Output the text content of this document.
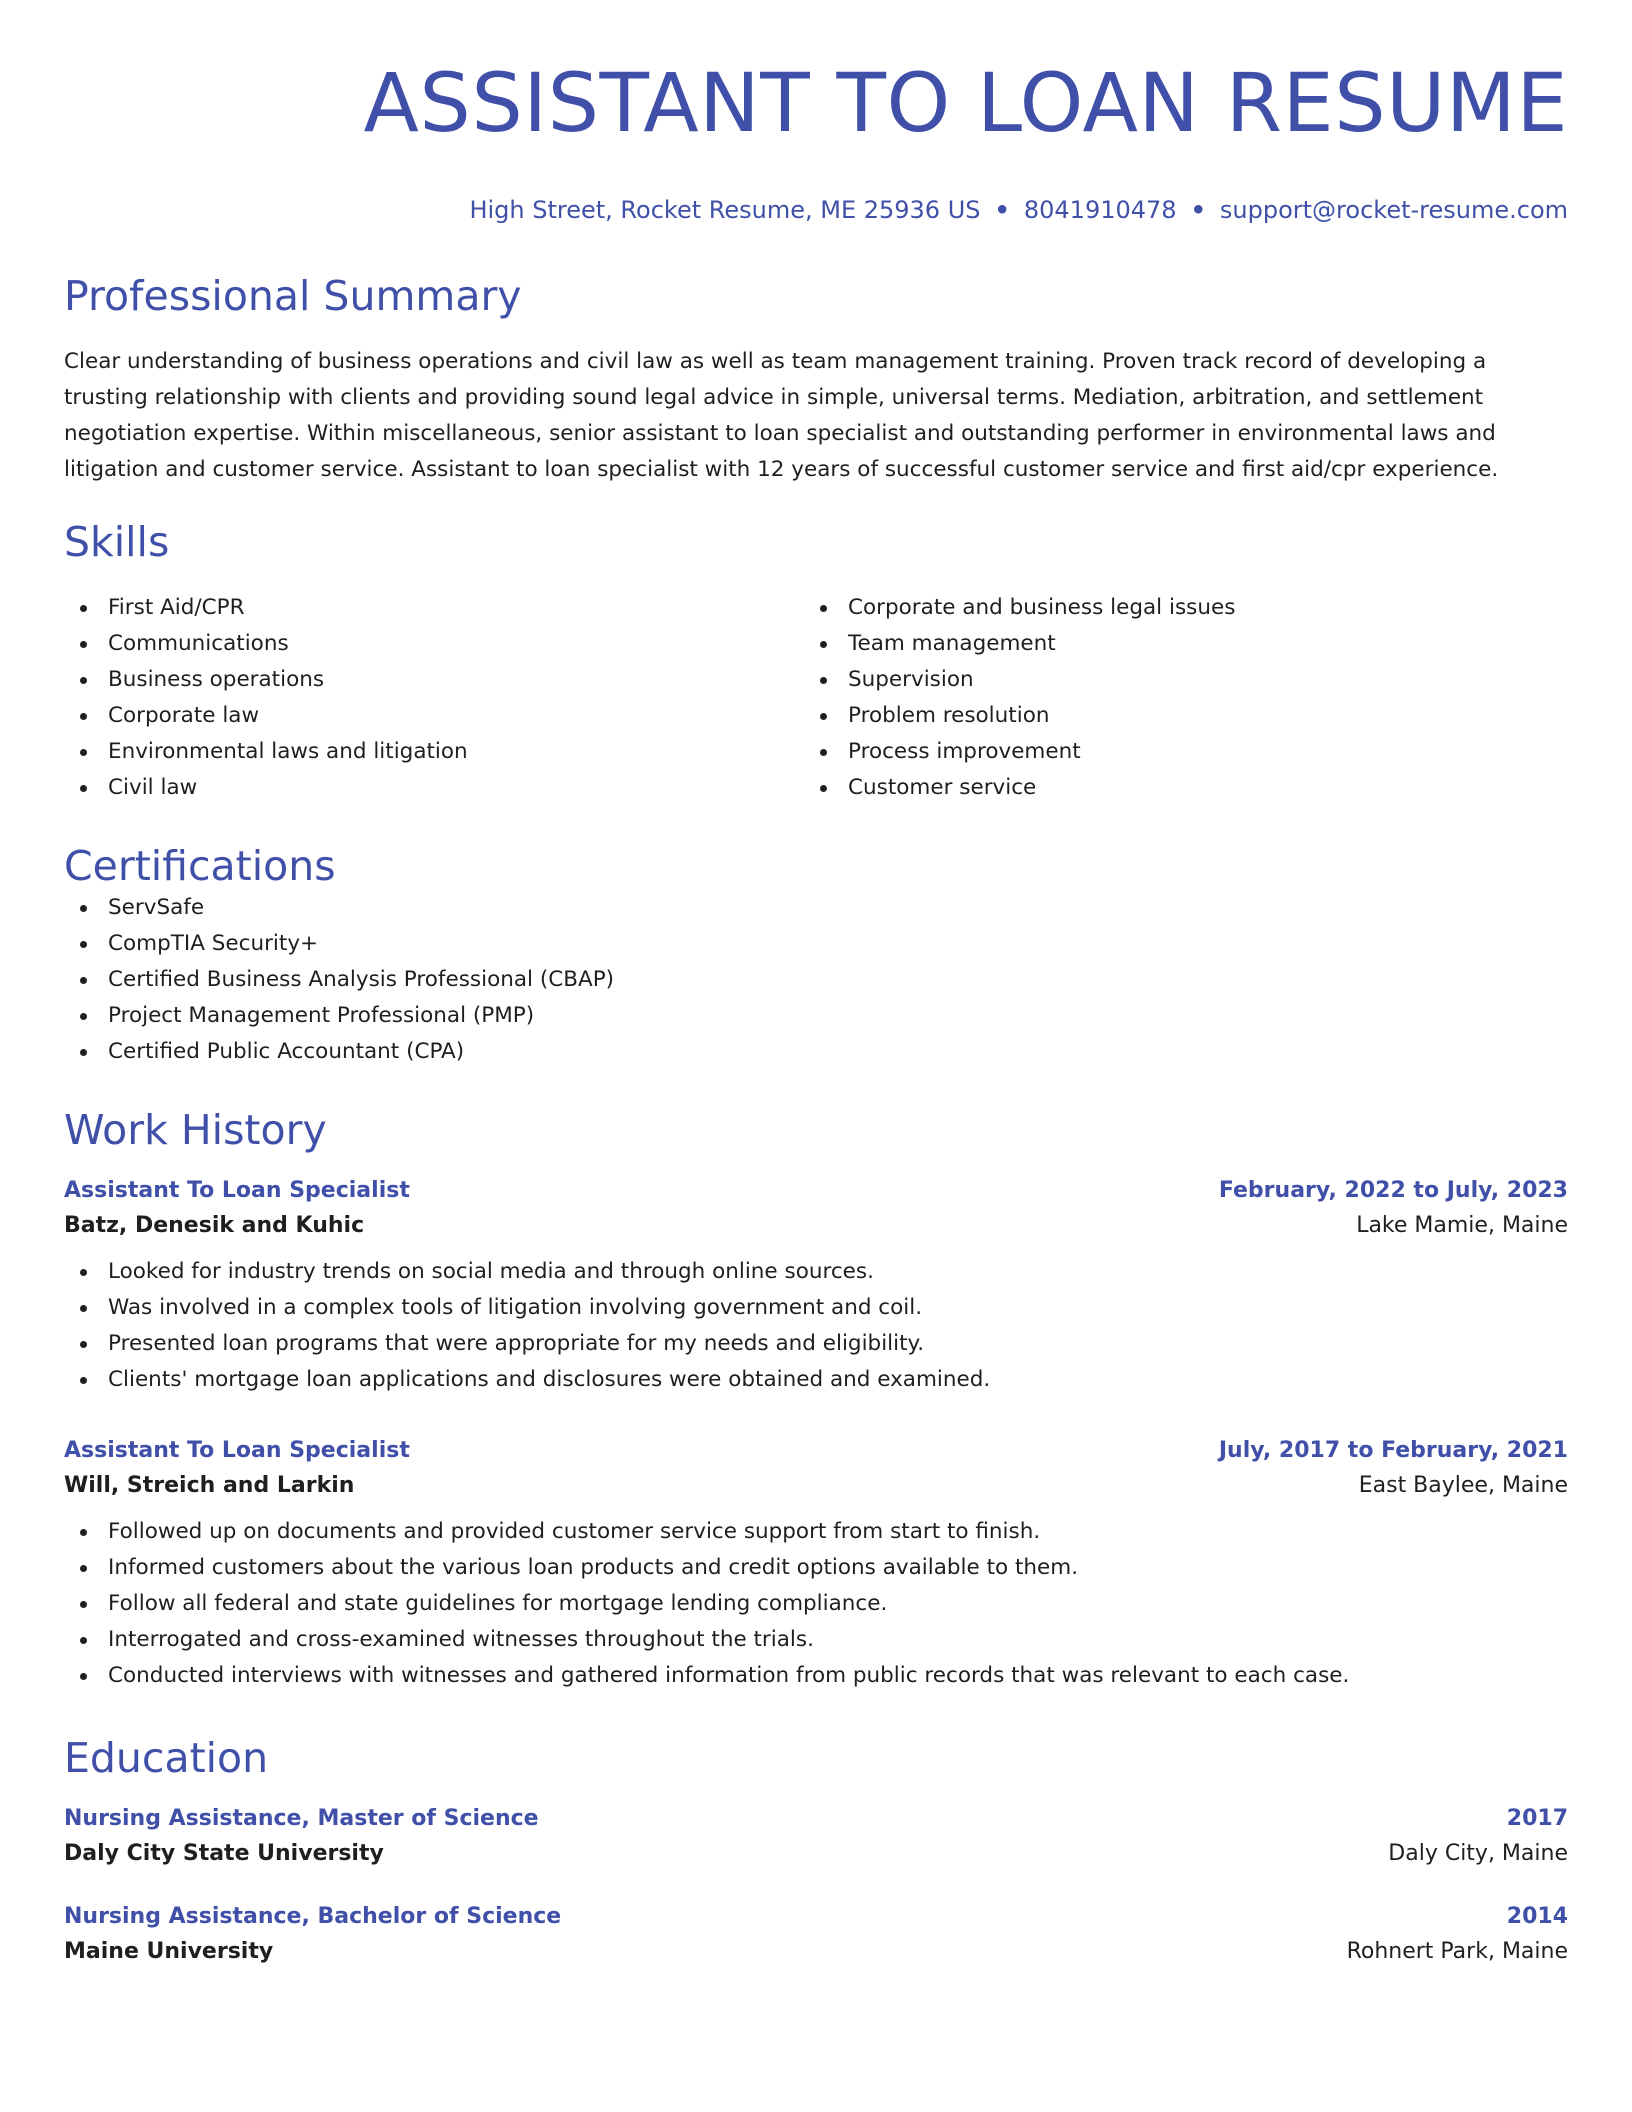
ASSISTANT TO LOAN RESUME
High Street, Rocket Resume, ME 25936 US • 8041910478 • support@rocket-resume.com
Professional Summary
Clear understanding of business operations and civil law as well as team management training. Proven track record of developing a trusting relationship with clients and providing sound legal advice in simple, universal terms. Mediation, arbitration, and settlement negotiation expertise. Within miscellaneous, senior assistant to loan specialist and outstanding performer in environmental laws and litigation and customer service. Assistant to loan specialist with 12 years of successful customer service and first aid/cpr experience.
Skills
First Aid/CPR
Communications
Business operations
Corporate law
Environmental laws and litigation
Civil law
Corporate and business legal issues
Team management
Supervision
Problem resolution
Process improvement
Customer service
Certifications
ServSafe
CompTIA Security+
Certified Business Analysis Professional (CBAP)
Project Management Professional (PMP)
Certified Public Accountant (CPA)
Work History
Assistant To Loan Specialist	February, 2022 to July, 2023
Batz, Denesik and Kuhic	Lake Mamie, Maine
Looked for industry trends on social media and through online sources.
Was involved in a complex tools of litigation involving government and coil.
Presented loan programs that were appropriate for my needs and eligibility.
Clients' mortgage loan applications and disclosures were obtained and examined.
Assistant To Loan Specialist	July, 2017 to February, 2021
Will, Streich and Larkin	East Baylee, Maine
Followed up on documents and provided customer service support from start to finish.
Informed customers about the various loan products and credit options available to them.
Follow all federal and state guidelines for mortgage lending compliance.
Interrogated and cross-examined witnesses throughout the trials.
Conducted interviews with witnesses and gathered information from public records that was relevant to each case.
Education
Nursing Assistance, Master of Science	2017
Daly City State University	Daly City, Maine
Nursing Assistance, Bachelor of Science	2014
Maine University	Rohnert Park, Maine
